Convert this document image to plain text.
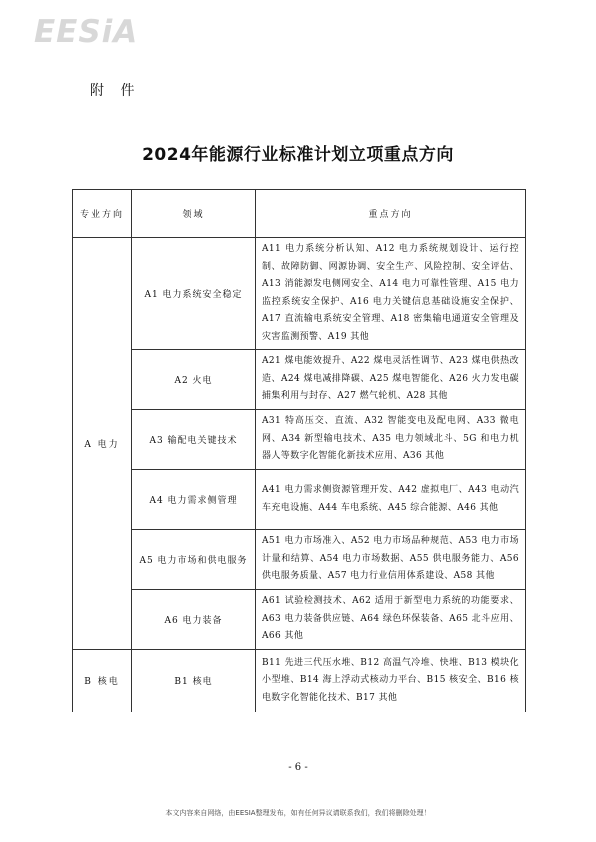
EESiA
附 件
2024年能源行业标准计划立项重点方向
专业方向	领域	重点方向
A 电力	A1 电力系统安全稳定	A11 电力系统分析认知、A12 电力系统规划设计、运行控制、故障防御、网源协调、安全生产、风险控制、安全评估、A13 消能源发电侧网安全、A14 电力可靠性管理、A15 电力监控系统安全保护、A16 电力关键信息基础设施安全保护、A17 直流输电系统安全管理、A18 密集输电通道安全管理及灾害监测预警、A19 其他
	A2 火电	A21 煤电能效提升、A22 煤电灵活性调节、A23 煤电供热改造、A24 煤电减排降碳、A25 煤电智能化、A26 火力发电碳捕集利用与封存、A27 燃气轮机、A28 其他
	A3 输配电关键技术	A31 特高压交、直流、A32 智能变电及配电网、A33 微电网、A34 新型输电技术、A35 电力领域北斗、5G 和电力机器人等数字化智能化新技术应用、A36 其他
	A4 电力需求侧管理	A41 电力需求侧资源管理开发、A42 虚拟电厂、A43 电动汽车充电设施、A44 车电系统、A45 综合能源、A46 其他
	A5 电力市场和供电服务	A51 电力市场准入、A52 电力市场品种规范、A53 电力市场计量和结算、A54 电力市场数据、A55 供电服务能力、A56 供电服务质量、A57 电力行业信用体系建设、A58 其他
	A6 电力装备	A61 试验检测技术、A62 适用于新型电力系统的功能要求、A63 电力装备供应链、A64 绿色环保装备、A65 北斗应用、A66 其他
B 核电	B1 核电	B11 先进三代压水堆、B12 高温气冷堆、快堆、B13 模块化小型堆、B14 海上浮动式核动力平台、B15 核安全、B16 核电数字化智能化技术、B17 其他
- 6 -
本文内容来自网络，由EESIA整理发布，如有任何异议请联系我们，我们将删除处理！
